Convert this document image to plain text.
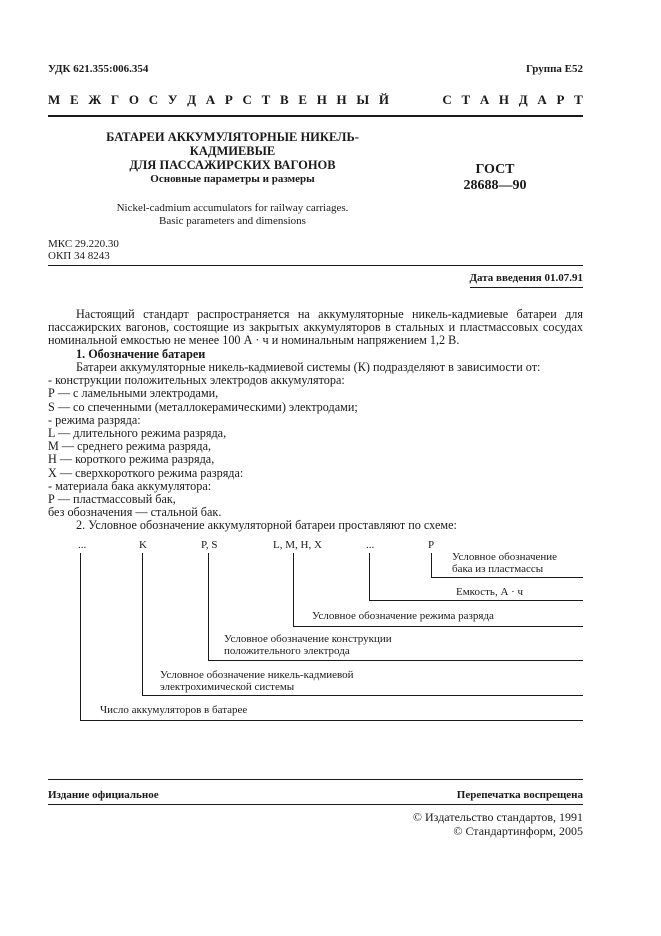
УДК 621.355:006.354	Группа Е52
М Е Ж Г О С У Д А Р С Т В Е Н Н Ы Й	С Т А Н Д А Р Т
БАТАРЕИ АККУМУЛЯТОРНЫЕ НИКЕЛЬ-КАДМИЕВЫЕ
ДЛЯ ПАССАЖИРСКИХ ВАГОНОВ
Основные параметры и размеры
Nickel-cadmium accumulators for railway carriages.
Basic parameters and dimensions
ГОСТ
28688—90
МКС 29.220.30
ОКП 34 8243
Дата введения 01.07.91
Настоящий стандарт распространяется на аккумуляторные никель-кадмиевые батареи для пассажирских вагонов, состоящие из закрытых аккумуляторов в стальных и пластмассовых сосудах номинальной емкостью не менее 100 А · ч и номинальным напряжением 1,2 В.
1. Обозначение батареи
Батареи аккумуляторные никель-кадмиевой системы (К) подразделяют в зависимости от:
- конструкции положительных электродов аккумулятора:
Р — с ламельными электродами,
S — со спеченными (металлокерамическими) электродами;
- режима разряда:
L — длительного режима разряда,
М — среднего режима разряда,
Н — короткого режима разряда,
Х — сверхкороткого режима разряда:
- материала бака аккумулятора:
Р — пластмассовый бак,
без обозначения — стальной бак.
2. Условное обозначение аккумуляторной батареи проставляют по схеме:
...	K	P, S	L, M, H, X	...	P
Условное обозначение
бака из пластмассы
Емкость, А · ч
Условное обозначение режима разряда
Условное обозначение конструкции
положительного электрода
Условное обозначение никель-кадмиевой
электрохимической системы
Число аккумуляторов в батарее
Издание официальное	Перепечатка воспрещена
© Издательство стандартов, 1991
© Стандартинформ, 2005
